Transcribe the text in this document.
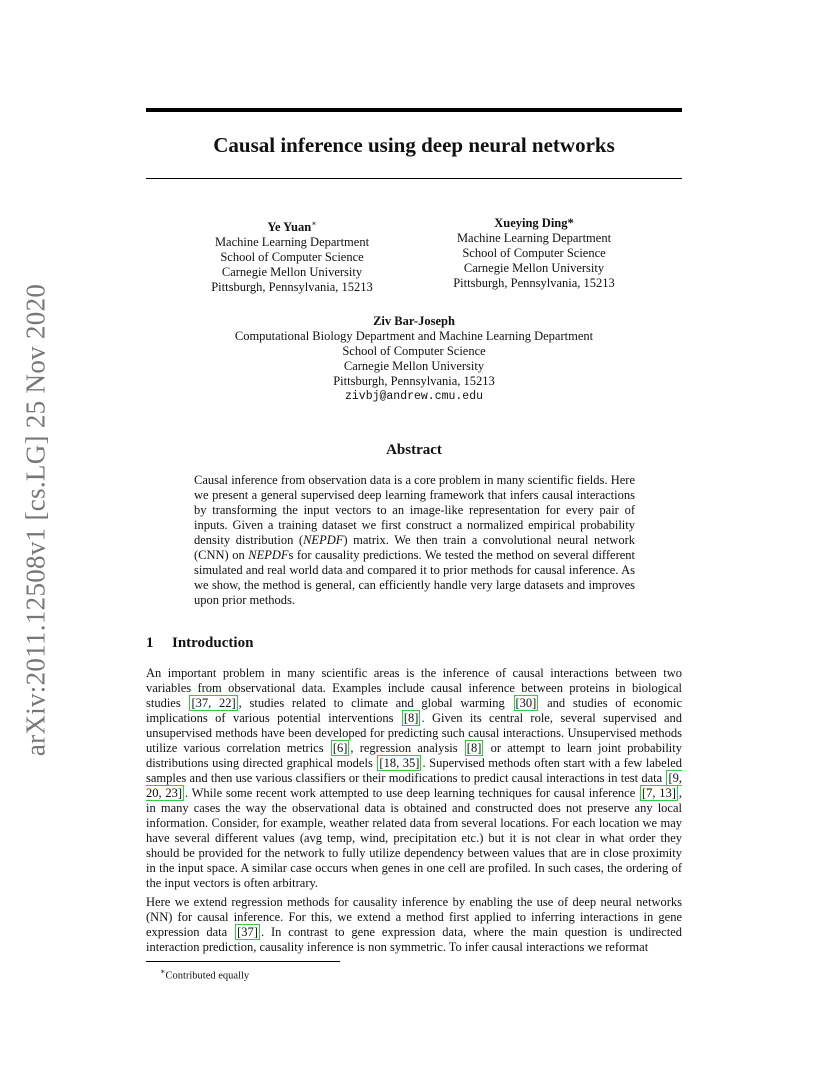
arXiv:2011.12508v1 [cs.LG] 25 Nov 2020
Causal inference using deep neural networks
Ye Yuan∗
Machine Learning Department
School of Computer Science
Carnegie Mellon University
Pittsburgh, Pennsylvania, 15213
Xueying Ding*
Machine Learning Department
School of Computer Science
Carnegie Mellon University
Pittsburgh, Pennsylvania, 15213
Ziv Bar-Joseph
Computational Biology Department and Machine Learning Department
School of Computer Science
Carnegie Mellon University
Pittsburgh, Pennsylvania, 15213
zivbj@andrew.cmu.edu
Abstract

Causal inference from observation data is a core problem in many scientific fields. Here we present a general supervised deep learning framework that infers causal interactions by transforming the input vectors to an image-like representation for every pair of inputs. Given a training dataset we first construct a normalized empirical probability density distribution (NEPDF) matrix. We then train a convolutional neural network (CNN) on NEPDFs for causality predictions. We tested the method on several different simulated and real world data and compared it to prior methods for causal inference. As we show, the method is general, can efficiently handle very large datasets and improves upon prior methods.

1 Introduction

An important problem in many scientific areas is the inference of causal interactions between two variables from observational data. Examples include causal inference between proteins in biological studies [37, 22] , studies related to climate and global warming [30] and studies of economic implications of various potential interventions [8] . Given its central role, several supervised and unsupervised methods have been developed for predicting such causal interactions. Unsupervised methods utilize various correlation metrics [6] , regression analysis [8] or attempt to learn joint probability distributions using directed graphical models [18, 35] . Supervised methods often start with a few labeled samples and then use various classifiers or their modifications to predict causal interactions in test data [9, 20, 23] . While some recent work attempted to use deep learning techniques for causal inference [7, 13] , in many cases the way the observational data is obtained and constructed does not preserve any local information. Consider, for example, weather related data from several locations. For each location we may have several different values (avg temp, wind, precipitation etc.) but it is not clear in what order they should be provided for the network to fully utilize dependency between values that are in close proximity in the input space. A similar case occurs when genes in one cell are profiled. In such cases, the ordering of the input vectors is often arbitrary.

Here we extend regression methods for causality inference by enabling the use of deep neural networks (NN) for causal inference. For this, we extend a method first applied to inferring interactions in gene expression data [37] . In contrast to gene expression data, where the main question is undirected interaction prediction, causality inference is non symmetric. To infer causal interactions we reformat

∗Contributed equally
